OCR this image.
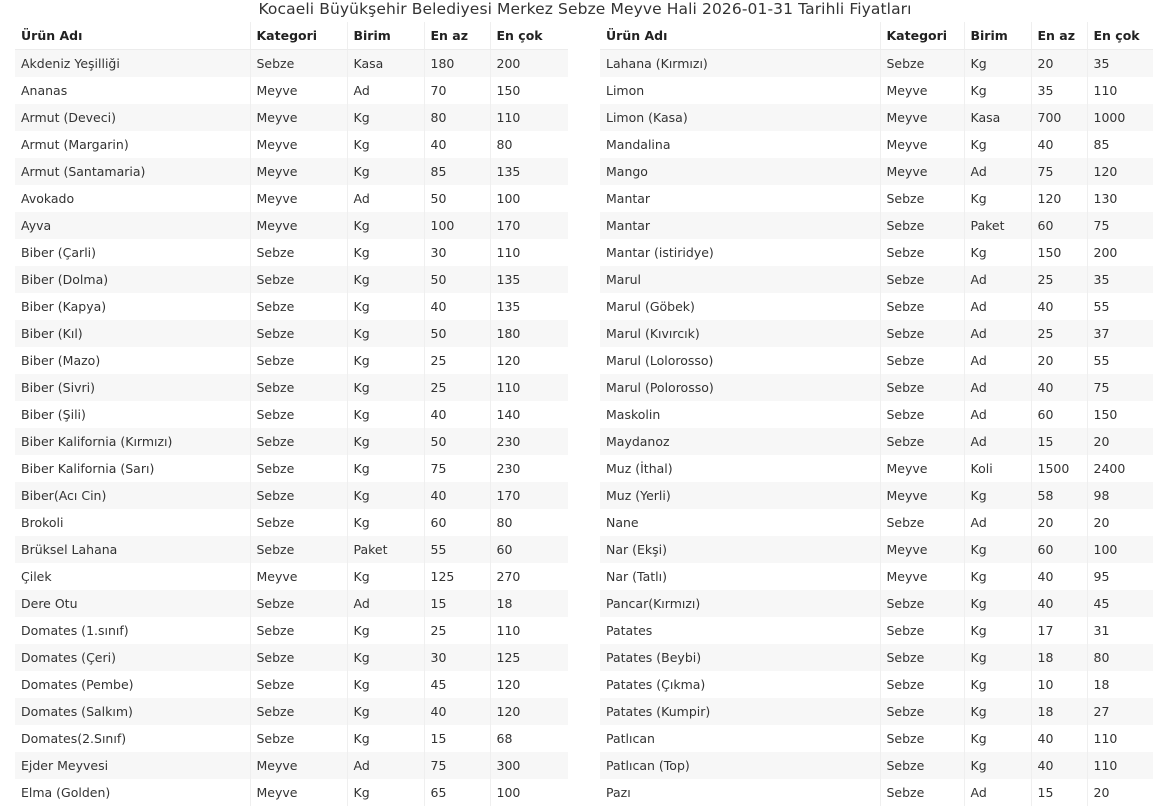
Kocaeli Büyükşehir Belediyesi Merkez Sebze Meyve Hali 2026-01-31 Tarihli Fiyatları
Ürün Adı	Kategori	Birim	En az	En çok
Akdeniz Yeşilliği	Sebze	Kasa	180	200
Ananas	Meyve	Ad	70	150
Armut (Deveci)	Meyve	Kg	80	110
Armut (Margarin)	Meyve	Kg	40	80
Armut (Santamaria)	Meyve	Kg	85	135
Avokado	Meyve	Ad	50	100
Ayva	Meyve	Kg	100	170
Biber (Çarli)	Sebze	Kg	30	110
Biber (Dolma)	Sebze	Kg	50	135
Biber (Kapya)	Sebze	Kg	40	135
Biber (Kıl)	Sebze	Kg	50	180
Biber (Mazo)	Sebze	Kg	25	120
Biber (Sivri)	Sebze	Kg	25	110
Biber (Şili)	Sebze	Kg	40	140
Biber Kalifornia (Kırmızı)	Sebze	Kg	50	230
Biber Kalifornia (Sarı)	Sebze	Kg	75	230
Biber(Acı Cin)	Sebze	Kg	40	170
Brokoli	Sebze	Kg	60	80
Brüksel Lahana	Sebze	Paket	55	60
Çilek	Meyve	Kg	125	270
Dere Otu	Sebze	Ad	15	18
Domates (1.sınıf)	Sebze	Kg	25	110
Domates (Çeri)	Sebze	Kg	30	125
Domates (Pembe)	Sebze	Kg	45	120
Domates (Salkım)	Sebze	Kg	40	120
Domates(2.Sınıf)	Sebze	Kg	15	68
Ejder Meyvesi	Meyve	Ad	75	300
Elma (Golden)	Meyve	Kg	65	100
Ürün Adı	Kategori	Birim	En az	En çok
Lahana (Kırmızı)	Sebze	Kg	20	35
Limon	Meyve	Kg	35	110
Limon (Kasa)	Meyve	Kasa	700	1000
Mandalina	Meyve	Kg	40	85
Mango	Meyve	Ad	75	120
Mantar	Sebze	Kg	120	130
Mantar	Sebze	Paket	60	75
Mantar (istiridye)	Sebze	Kg	150	200
Marul	Sebze	Ad	25	35
Marul (Göbek)	Sebze	Ad	40	55
Marul (Kıvırcık)	Sebze	Ad	25	37
Marul (Lolorosso)	Sebze	Ad	20	55
Marul (Polorosso)	Sebze	Ad	40	75
Maskolin	Sebze	Ad	60	150
Maydanoz	Sebze	Ad	15	20
Muz (İthal)	Meyve	Koli	1500	2400
Muz (Yerli)	Meyve	Kg	58	98
Nane	Sebze	Ad	20	20
Nar (Ekşi)	Meyve	Kg	60	100
Nar (Tatlı)	Meyve	Kg	40	95
Pancar(Kırmızı)	Sebze	Kg	40	45
Patates	Sebze	Kg	17	31
Patates (Beybi)	Sebze	Kg	18	80
Patates (Çıkma)	Sebze	Kg	10	18
Patates (Kumpir)	Sebze	Kg	18	27
Patlıcan	Sebze	Kg	40	110
Patlıcan (Top)	Sebze	Kg	40	110
Pazı	Sebze	Ad	15	20
